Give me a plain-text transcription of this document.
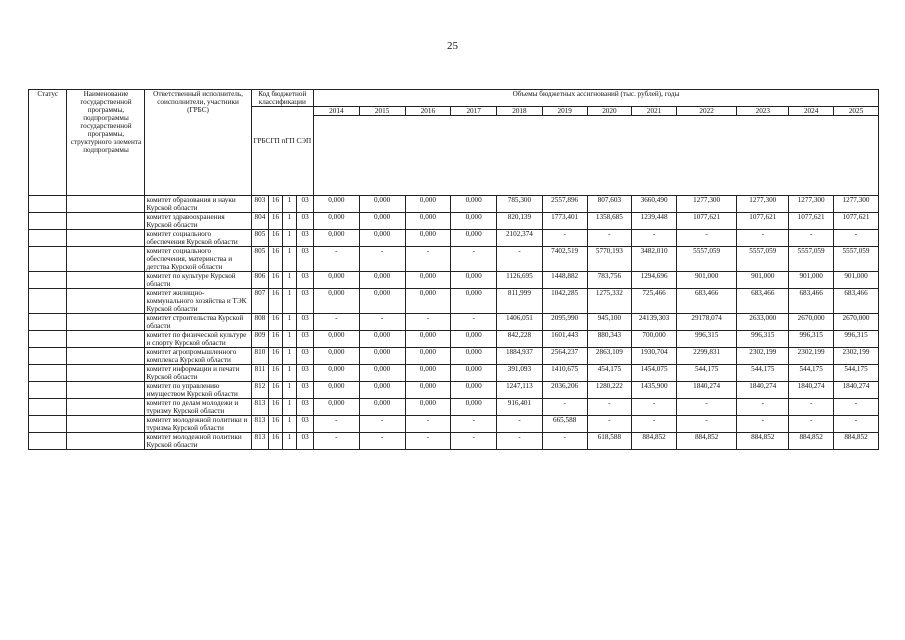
25
Статус	Наименование государственной программы, подпрограммы государственной программы, структурного элемента подпрограммы	Ответственный исполнитель, соисполнители, участники (ГРБС)	Код бюджетной классификации				Объемы бюджетных ассигнований (тыс. рублей), годы											
			ГРБСГП пГП СЭП				2014	2015	2016	2017	2018	2019	2020	2021	2022	2023	2024	2025

		комитет образования и науки Курской области	803	16	1	03	0,000	0,000	0,000	0,000	785,300	2557,896	807,603	3660,490	1277,300	1277,300	1277,300	1277,300
		комитет здравоохранения Курской области	804	16	1	03	0,000	0,000	0,000	0,000	820,139	1773,401	1358,685	1239,448	1077,621	1077,621	1077,621	1077,621
		комитет социального обеспечения Курской области	805	16	1	03	0,000	0,000	0,000	0,000	2102,374	-	-	-	-	-	-	-
		комитет социального обеспечения, материнства и детства Курской области	805	16	1	03	-	-	-	-	-	7402,519	5770,193	3482,010	5557,059	5557,059	5557,059	5557,059
		комитет по культуре Курской области	806	16	1	03	0,000	0,000	0,000	0,000	1126,695	1448,882	783,756	1294,696	901,000	901,000	901,000	901,000
		комитет жилищно-коммунального хозяйства и ТЭК Курской области	807	16	1	03	0,000	0,000	0,000	0,000	811,999	1042,285	1275,332	725,466	683,466	683,466	683,466	683,466
		комитет строительства Курской области	808	16	1	03	-	-	-	-	1406,051	2095,990	945,100	24139,303	29178,074	2633,000	2670,000	2670,000
		комитет по физической культуре и спорту Курской области	809	16	1	03	0,000	0,000	0,000	0,000	842,228	1601,443	880,343	700,000	996,315	996,315	996,315	996,315
		комитет агропромышленного комплекса Курской области	810	16	1	03	0,000	0,000	0,000	0,000	1884,937	2564,237	2863,109	1930,704	2299,831	2302,199	2302,199	2302,199
		комитет информации и печати Курской области	811	16	1	03	0,000	0,000	0,000	0,000	391,093	1410,675	454,175	1454,075	544,175	544,175	544,175	544,175
		комитет по управлению имуществом Курской области	812	16	1	03	0,000	0,000	0,000	0,000	1247,113	2036,206	1280,222	1435,900	1840,274	1840,274	1840,274	1840,274
		комитет по делам молодежи и туризму Курской области	813	16	1	03	0,000	0,000	0,000	0,000	916,401	-	-	-	-	-	-	-
		комитет молодежной политики и туризма Курской области	813	16	1	03	-	-	-	-	-	665,588	-	-	-	-	-	-
		комитет молодежной политики Курской области	813	16	1	03	-	-	-	-	-	-	618,588	884,852	884,852	884,852	884,852	884,852
